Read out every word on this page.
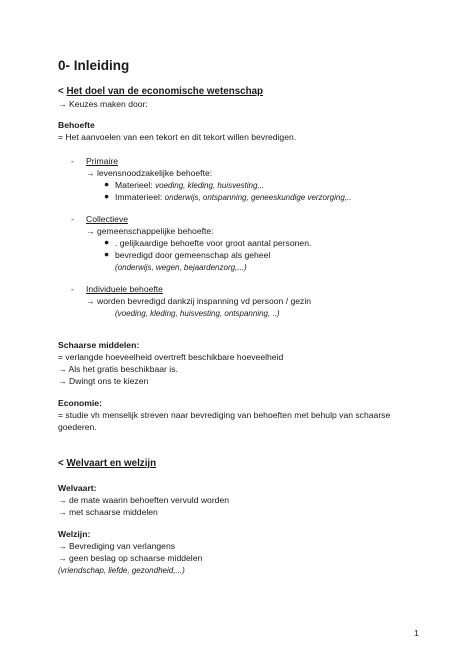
0- Inleiding
< Het doel van de economische wetenschap
→ Keuzes maken door:
Behoefte
= Het aanvoelen van een tekort en dit tekort willen bevredigen.
- Primaire
→ levensnoodzakelijke behoefte:
● Materieel: voeding, kleding, huisvesting,..
● Immaterieel: onderwijs, ontspanning, geneeskundige verzorging,..
- Collectieve
→ gemeenschappelijke behoefte:
● . gelijkaardige behoefte voor groot aantal personen.
● bevredigd door gemeenschap als geheel
(onderwijs, wegen, bejaardenzorg,...)
- Individuele behoefte
→ worden bevredigd dankzij inspanning vd persoon / gezin
(voeding, kleding, huisvesting, ontspanning, ..)
Schaarse middelen:
= verlangde hoeveelheid overtreft beschikbare hoeveelheid
→ Als het gratis beschikbaar is.
→ Dwingt ons te kiezen
Economie:
= studie vh menselijk streven naar bevrediging van behoeften met behulp van schaarse
goederen.
< Welvaart en welzijn
Welvaart:
→ de mate waarin behoeften vervuld worden
→ met schaarse middelen
Welzijn:
→ Bevrediging van verlangens
→ geen beslag op schaarse middelen
(vriendschap, liefde, gezondheid,...)
1
